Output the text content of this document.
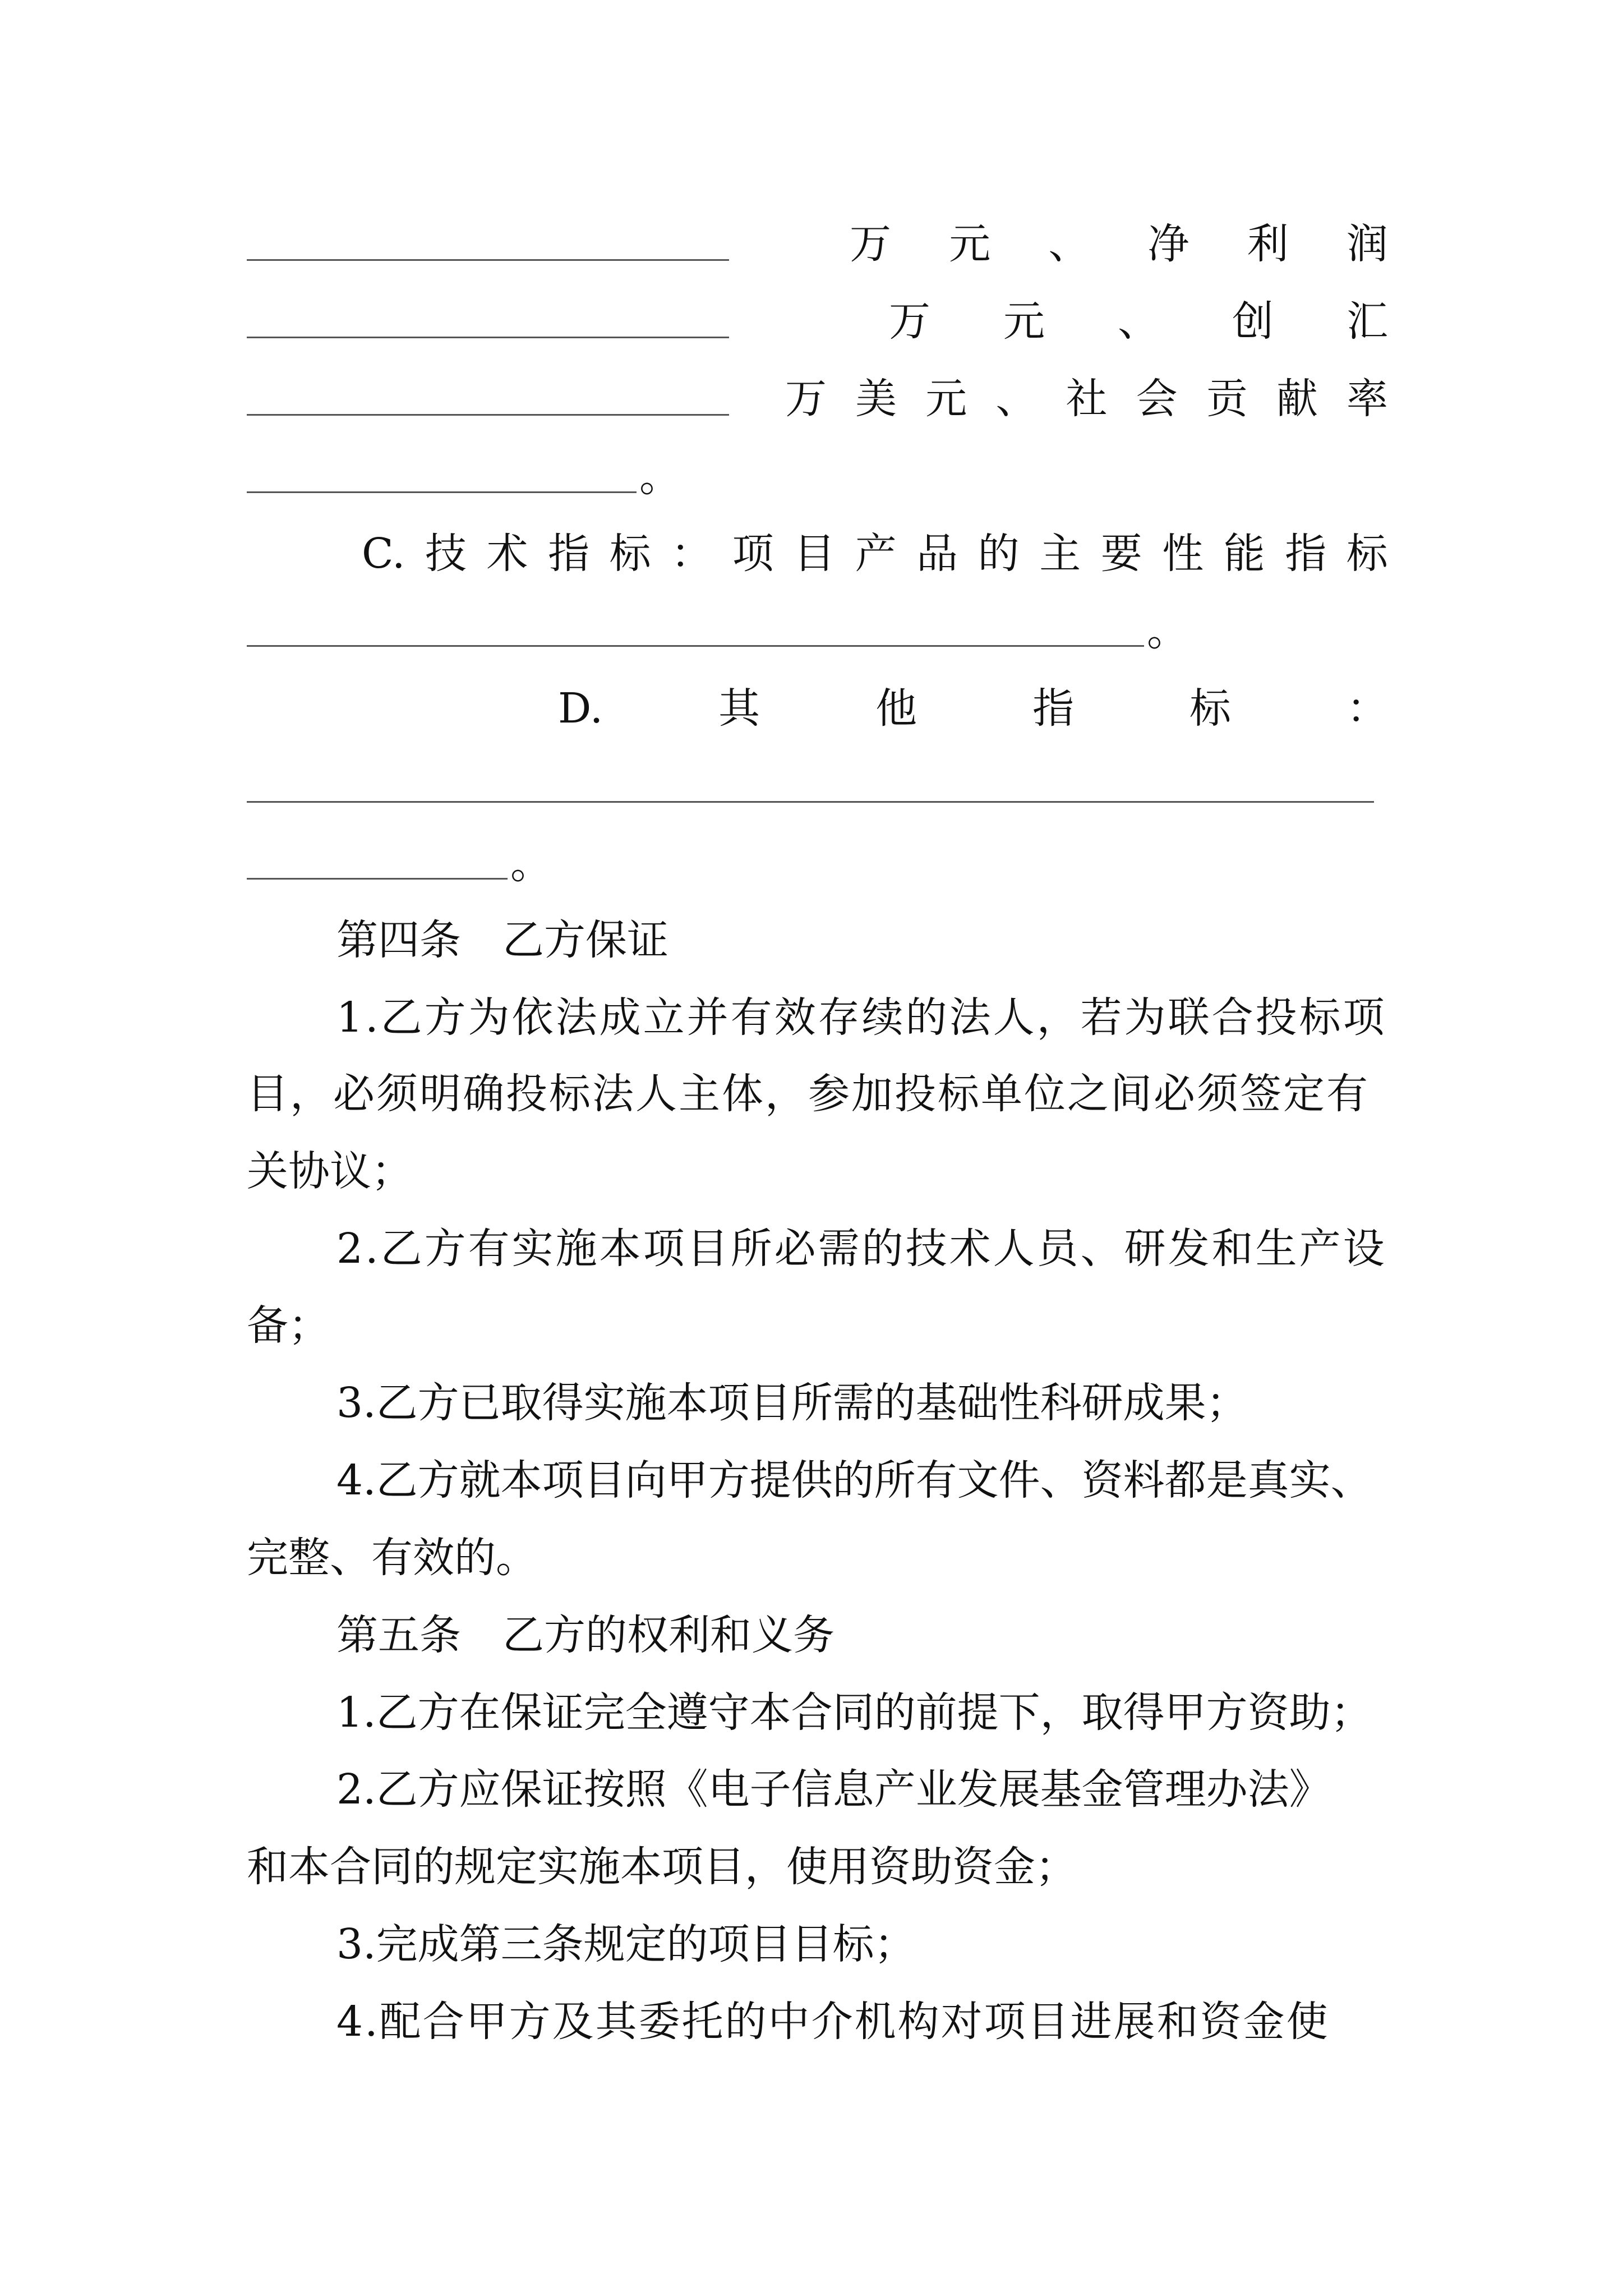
万 元 、 净 利 润
万 元 、 创 汇
万 美 元 、 社 会 贡 献 率
。
C. 技 术 指 标 ： 项 目 产 品 的 主 要 性 能 指 标
。
D.	其	他	指	标	：
。
第四条　乙方保证
1.乙方为依法成立并有效存续的法人，若为联合投标项
目，必须明确投标法人主体，参加投标单位之间必须签定有
关协议；
2.乙方有实施本项目所必需的技术人员、研发和生产设
备；
3.乙方已取得实施本项目所需的基础性科研成果；
4.乙方就本项目向甲方提供的所有文件、资料都是真实、
完整、有效的。
第五条　乙方的权利和义务
1.乙方在保证完全遵守本合同的前提下，取得甲方资助；
2.乙方应保证按照《电子信息产业发展基金管理办法》
和本合同的规定实施本项目，使用资助资金；
3.完成第三条规定的项目目标；
4.配合甲方及其委托的中介机构对项目进展和资金使
